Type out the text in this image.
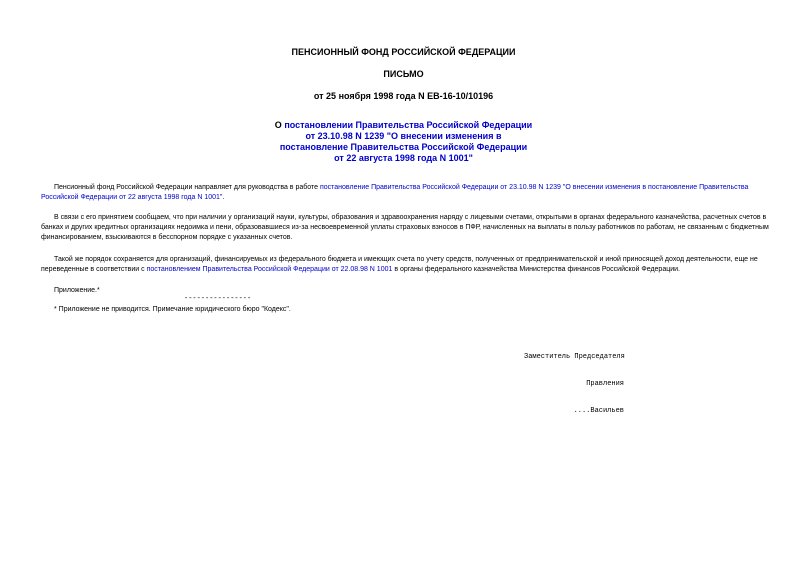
ПЕНСИОННЫЙ ФОНД РОССИЙСКОЙ ФЕДЕРАЦИИ
ПИСЬМО
от 25 ноября 1998 года N ЕВ-16-10/10196
О постановлении Правительства Российской Федерации
от 23.10.98 N 1239 "О внесении изменения в
постановление Правительства Российской Федерации
от 22 августа 1998 года N 1001"
Пенсионный фонд Российской Федерации направляет для руководства в работе постановление Правительства Российской Федерации от 23.10.98 N 1239 "О внесении изменения в постановление Правительства Российской Федерации от 22 августа 1998 года N 1001".
В связи с его принятием сообщаем, что при наличии у организаций науки, культуры, образования и здравоохранения наряду с лицевыми счетами, открытыми в органах федерального казначейства, расчетных счетов в банках и других кредитных организациях недоимка и пени, образовавшиеся из-за несвоевременной уплаты страховых взносов в ПФР, начисленных на выплаты в пользу работников по работам, не связанным с бюджетным финансированием, взыскиваются в бесспорном порядке с указанных счетов.
Такой же порядок сохраняется для организаций, финансируемых из федерального бюджета и имеющих счета по учету средств, полученных от предпринимательской и иной приносящей доход деятельности, еще не переведенные в соответствии с постановлением Правительства Российской Федерации от 22.08.98 N 1001 в органы федерального казначейства Министерства финансов Российской Федерации.
Приложение.*
----------------
* Приложение не приводится. Примечание юридического бюро "Кодекс".

Заместитель Председателя

Правления

....Васильев
